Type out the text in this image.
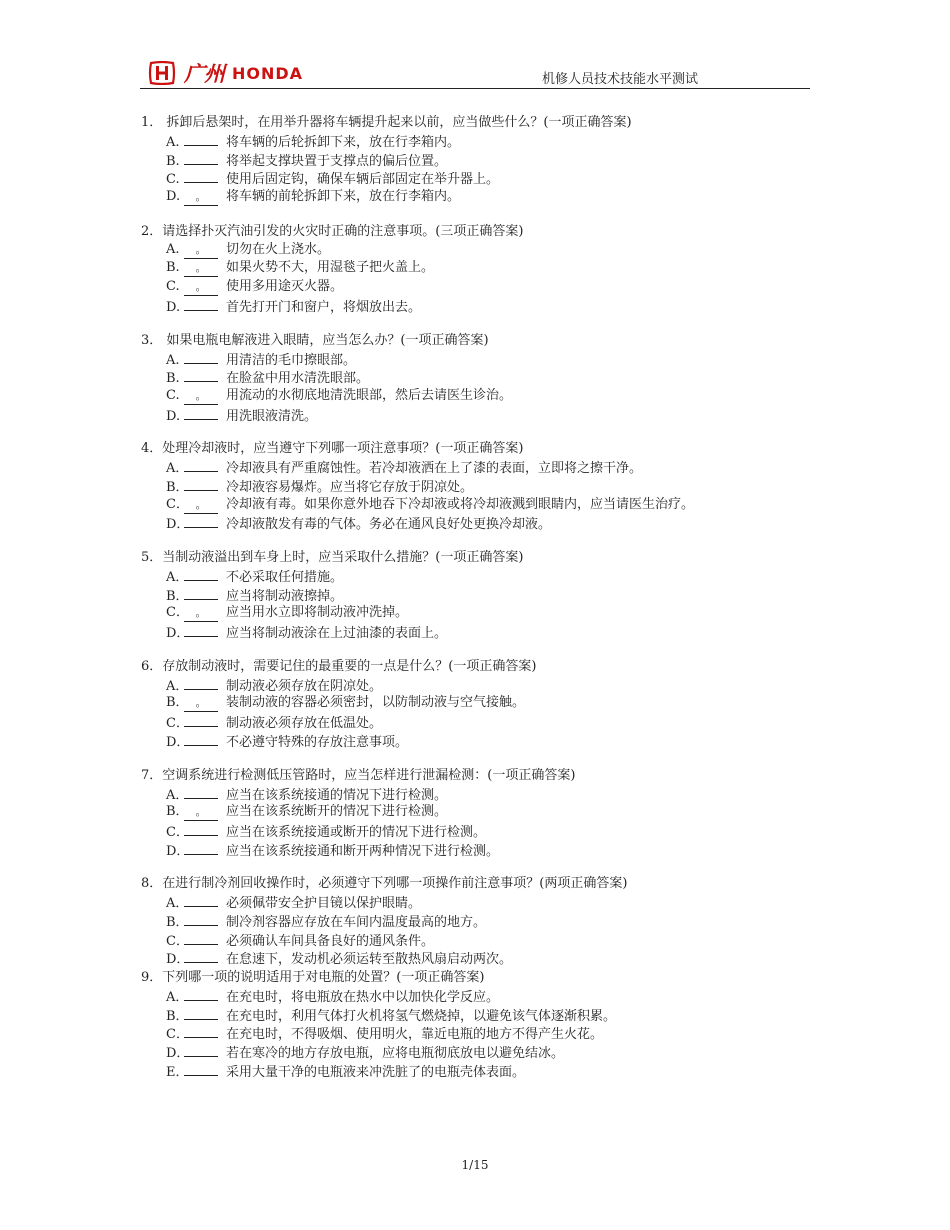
广州 HONDA	机修人员技术技能水平测试
1． 拆卸后悬架时，在用举升器将车辆提升起来以前，应当做些什么？(一项正确答案)
A.	将车辆的后轮拆卸下来，放在行李箱内。
B.	将举起支撑块置于支撑点的偏后位置。
C.	使用后固定钩，确保车辆后部固定在举升器上。
D. 。 将车辆的前轮拆卸下来，放在行李箱内。
2．请选择扑灭汽油引发的火灾时正确的注意事项。(三项正确答案)
A. 。 切勿在火上浇水。
B. 。 如果火势不大，用湿毯子把火盖上。
C. 。 使用多用途灭火器。
D.	首先打开门和窗户，将烟放出去。
3． 如果电瓶电解液进入眼睛，应当怎么办？(一项正确答案)
A.	用清洁的毛巾擦眼部。
B.	在脸盆中用水清洗眼部。
C. 。 用流动的水彻底地清洗眼部，然后去请医生诊治。
D.	用洗眼液清洗。
4．处理冷却液时，应当遵守下列哪一项注意事项？(一项正确答案)
A．	冷却液具有严重腐蚀性。若冷却液洒在上了漆的表面，立即将之擦干净。
B．	冷却液容易爆炸。应当将它存放于阴凉处。
C． 。 冷却液有毒。如果你意外地吞下冷却液或将冷却液溅到眼睛内，应当请医生治疗。
D．	冷却液散发有毒的气体。务必在通风良好处更换冷却液。
5．当制动液溢出到车身上时，应当采取什么措施？(一项正确答案)
A．	不必采取任何措施。
B．	应当将制动液擦掉。
C． 。 应当用水立即将制动液冲洗掉。
D．	应当将制动液涂在上过油漆的表面上。
6．存放制动液时，需要记住的最重要的一点是什么？(一项正确答案)
A．	制动液必须存放在阴凉处。
B． 。 装制动液的容器必须密封，以防制动液与空气接触。
C．	制动液必须存放在低温处。
D．	不必遵守特殊的存放注意事项。
7．空调系统进行检测低压管路时，应当怎样进行泄漏检测：(一项正确答案)
A．	应当在该系统接通的情况下进行检测。
B． 。 应当在该系统断开的情况下进行检测。
C．	应当在该系统接通或断开的情况下进行检测。
D．	应当在该系统接通和断开两种情况下进行检测。
8．在进行制冷剂回收操作时，必须遵守下列哪一项操作前注意事项？(两项正确答案)
A．	必须佩带安全护目镜以保护眼睛。
B．	制冷剂容器应存放在车间内温度最高的地方。
C．	必须确认车间具备良好的通风条件。
D．	在怠速下，发动机必须运转至散热风扇启动两次。
9．下列哪一项的说明适用于对电瓶的处置？(一项正确答案)
A．	在充电时，将电瓶放在热水中以加快化学反应。
B．	在充电时，利用气体打火机将氢气燃烧掉，以避免该气体逐渐积累。
C．	在充电时，不得吸烟、使用明火，靠近电瓶的地方不得产生火花。
D．	若在寒冷的地方存放电瓶，应将电瓶彻底放电以避免结冰。
E．	采用大量干净的电瓶液来冲洗脏了的电瓶壳体表面。
1/15
